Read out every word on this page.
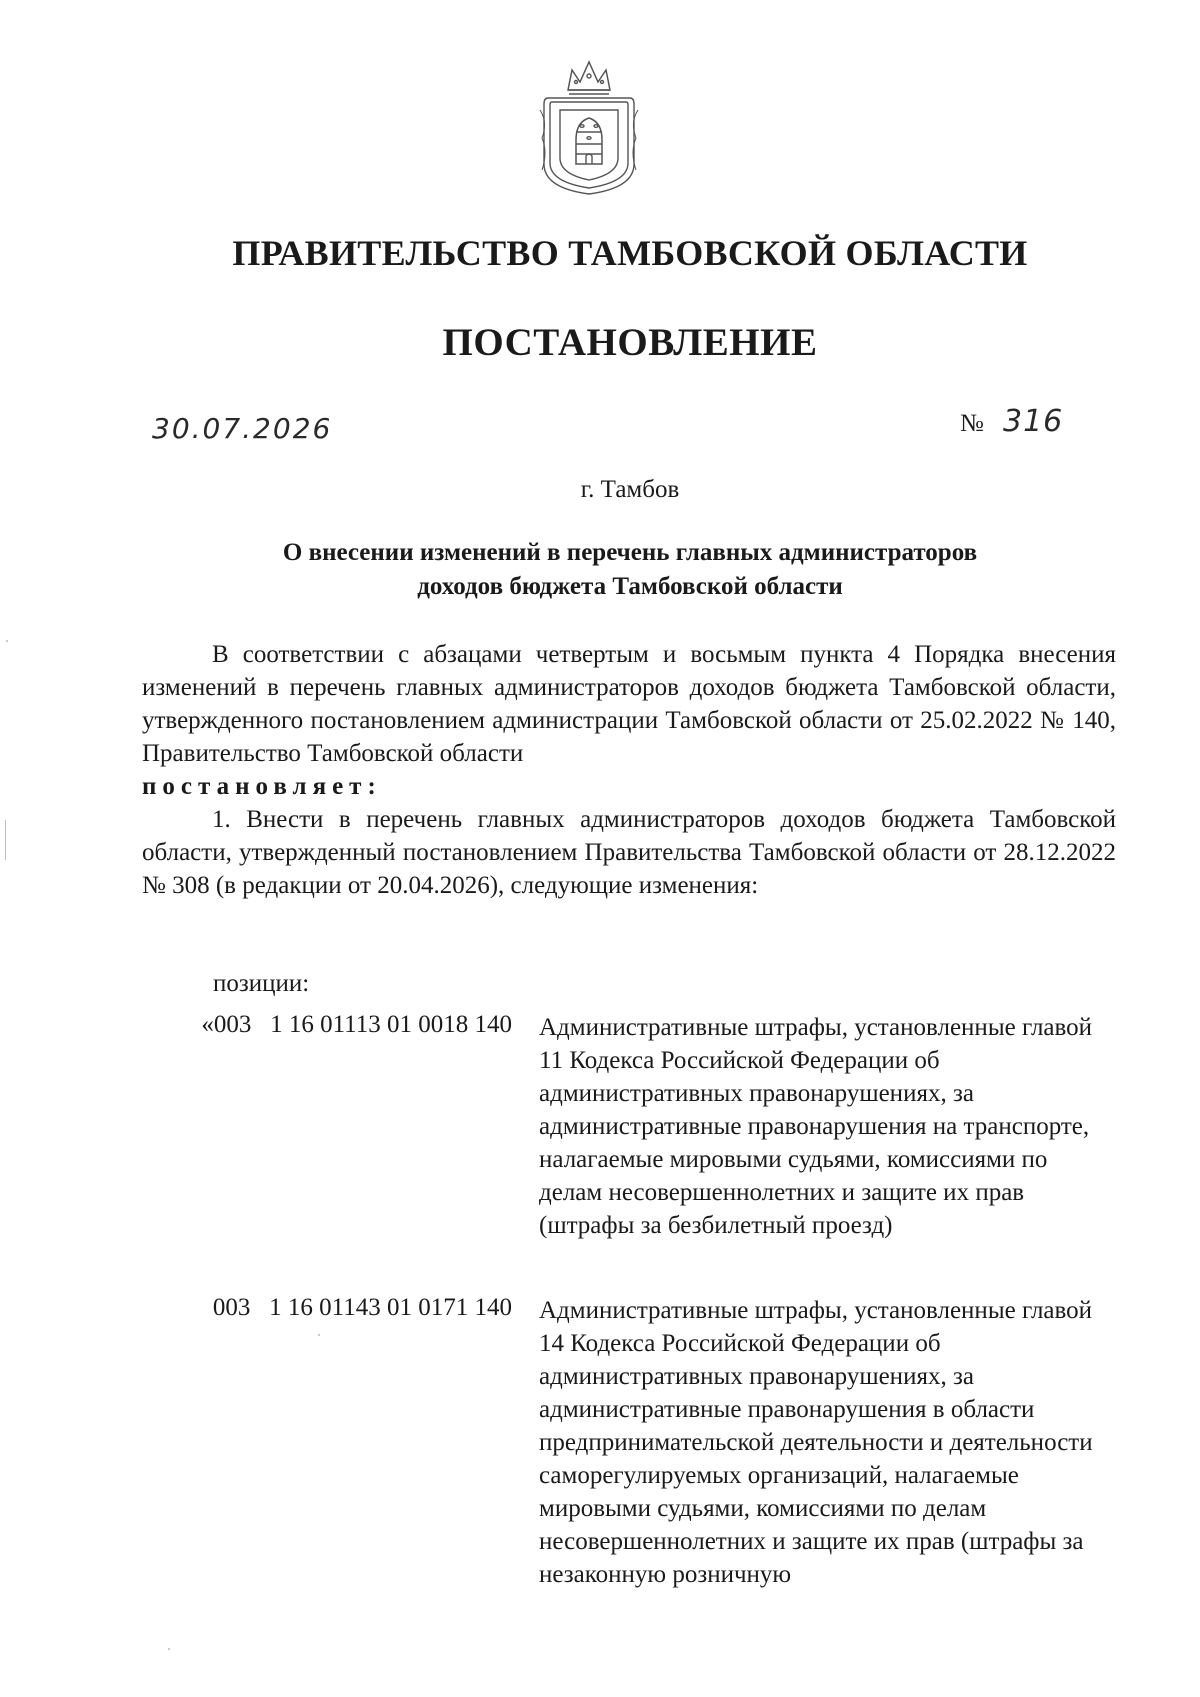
ПРАВИТЕЛЬСТВО ТАМБОВСКОЙ ОБЛАСТИ
ПОСТАНОВЛЕНИЕ
30.07.2026	№ 316
г. Тамбов
О внесении изменений в перечень главных администраторов
доходов бюджета Тамбовской области

В соответствии с абзацами четвертым и восьмым пункта 4 Порядка внесения изменений в перечень главных администраторов доходов бюджета Тамбовской области, утвержденного постановлением администрации Тамбовской области от 25.02.2022 № 140, Правительство Тамбовской области

постановляет:

1. Внести в перечень главных администраторов доходов бюджета Тамбовской области, утвержденный постановлением Правительства Тамбовской области от 28.12.2022 № 308 (в редакции от 20.04.2026), следующие изменения:

позиции:
«003   1 16 01113 01 0018 140 Административные штрафы, установленные главой 11 Кодекса Российской Федерации об административных правонарушениях, за административные правонарушения на транспорте, налагаемые мировыми судьями, комиссиями по делам несовершеннолетних и защите их прав (штрафы за безбилетный проезд)
003   1 16 01143 01 0171 140 Административные штрафы, установленные главой 14 Кодекса Российской Федерации об административных правонарушениях, за административные правонарушения в области предпринимательской деятельности и деятельности саморегулируемых организаций, налагаемые мировыми судьями, комиссиями по делам несовершеннолетних и защите их прав (штрафы за незаконную розничную
